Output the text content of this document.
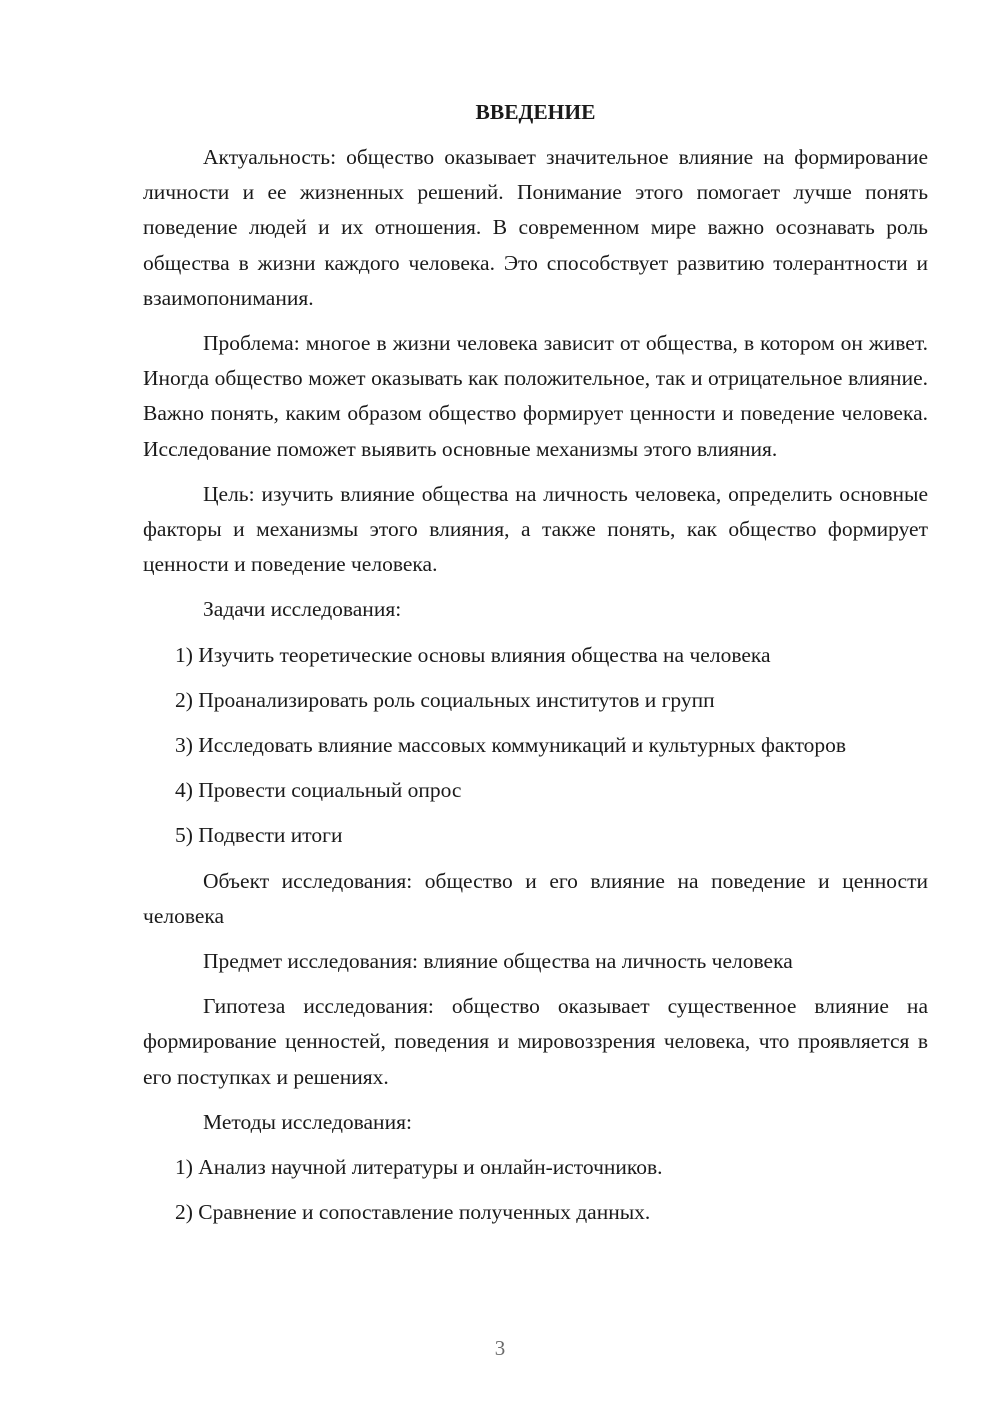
ВВЕДЕНИЕ

Актуальность: общество оказывает значительное влияние на формирование личности и ее жизненных решений. Понимание этого помогает лучше понять поведение людей и их отношения. В современном мире важно осознавать роль общества в жизни каждого человека. Это способствует развитию толерантности и взаимопонимания.

Проблема: многое в жизни человека зависит от общества, в котором он живет. Иногда общество может оказывать как положительное, так и отрицательное влияние. Важно понять, каким образом общество формирует ценности и поведение человека. Исследование поможет выявить основные механизмы этого влияния.

Цель: изучить влияние общества на личность человека, определить основные факторы и механизмы этого влияния, а также понять, как общество формирует ценности и поведение человека.

Задачи исследования:

1) Изучить теоретические основы влияния общества на человека

2) Проанализировать роль социальных институтов и групп

3) Исследовать влияние массовых коммуникаций и культурных факторов

4) Провести социальный опрос

5) Подвести итоги

Объект исследования: общество и его влияние на поведение и ценности человека

Предмет исследования: влияние общества на личность человека

Гипотеза исследования: общество оказывает существенное влияние на формирование ценностей, поведения и мировоззрения человека, что проявляется в его поступках и решениях.

Методы исследования:

1) Анализ научной литературы и онлайн-источников.

2) Сравнение и сопоставление полученных данных.

3
